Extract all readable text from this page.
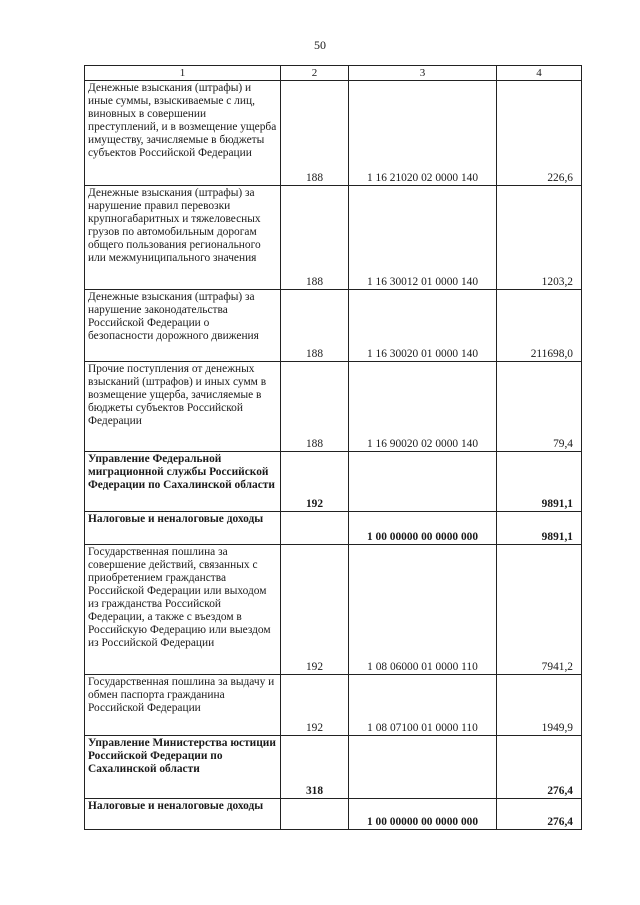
50
1	2	3	4
Денежные взыскания (штрафы) и иные суммы, взыскиваемые с лиц, виновных в совершении преступлений, и в возмещение ущерба имуществу, зачисляемые в бюджеты субъектов Российской Федерации	188	1 16 21020 02 0000 140	226,6
Денежные взыскания (штрафы) за нарушение правил перевозки крупногабаритных и тяжеловесных грузов по автомобильным дорогам общего пользования регионального или межмуниципального значения	188	1 16 30012 01 0000 140	1203,2
Денежные взыскания (штрафы) за нарушение законодательства Российской Федерации о безопасности дорожного движения	188	1 16 30020 01 0000 140	211698,0
Прочие поступления от денежных взысканий (штрафов) и иных сумм в возмещение ущерба, зачисляемые в бюджеты субъектов Российской Федерации	188	1 16 90020 02 0000 140	79,4
Управление Федеральной миграционной службы Российской Федерации по Сахалинской области	192		9891,1
Налоговые и неналоговые доходы		1 00 00000 00 0000 000	9891,1
Государственная пошлина за совершение действий, связанных с приобретением гражданства Российской Федерации или выходом из гражданства Российской Федерации, а также с въездом в Российскую Федерацию или выездом из Российской Федерации	192	1 08 06000 01 0000 110	7941,2
Государственная пошлина за выдачу и обмен паспорта гражданина Российской Федерации	192	1 08 07100 01 0000 110	1949,9
Управление Министерства юстиции Российской Федерации по Сахалинской области	318		276,4
Налоговые и неналоговые доходы		1 00 00000 00 0000 000	276,4
